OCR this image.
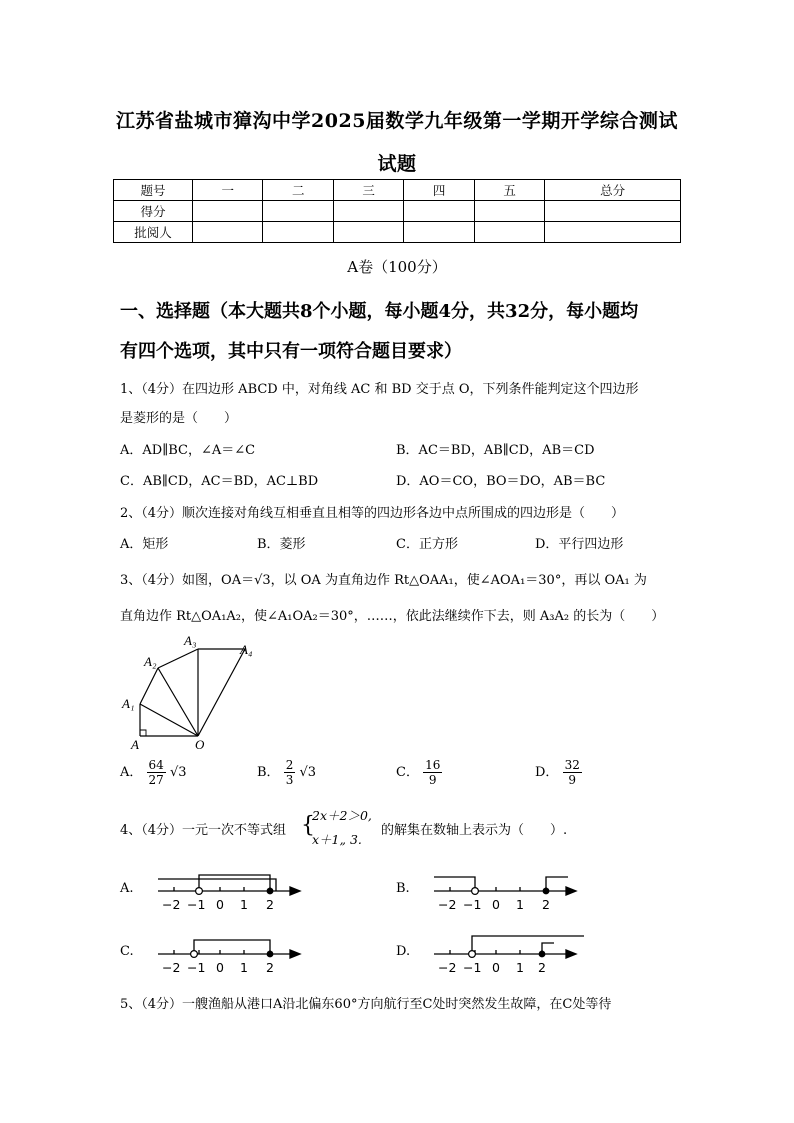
江苏省盐城市獐沟中学2025届数学九年级第一学期开学综合测试
试题
题号	一	二	三	四	五	总分
得分						
批阅人						
A卷（100分）
一、选择题（本大题共8个小题，每小题4分，共32分，每小题均
有四个选项，其中只有一项符合题目要求）
1、（4分）在四边形 ABCD 中，对角线 AC 和 BD 交于点 O，下列条件能判定这个四边形
是菱形的是（　　）
A．AD∥BC，∠A＝∠C	B．AC＝BD，AB∥CD，AB＝CD
C．AB∥CD，AC＝BD，AC⊥BD	D．AO＝CO，BO＝DO，AB＝BC
2、（4分）顺次连接对角线互相垂直且相等的四边形各边中点所围成的四边形是（　　）
A．矩形	B．菱形	C．正方形	D．平行四边形
3、（4分）如图，OA＝√3，以 OA 为直角边作 Rt△OAA₁，使∠AOA₁＝30°，再以 OA₁ 为
直角边作 Rt△OA₁A₂，使∠A₁OA₂＝30°，……，依此法继续作下去，则 A₃A₂ 的长为（　　）
A	O
A₁
A₂
A₃
A₄
A． $\frac{64}{27} √3$	B． $\frac{2}{3} √3$	C． $\frac{16}{9}$	D． $\frac{32}{9}$
4、（4分）一元一次不等式组 {
2x＋2＞0,
x＋1„ 3.
的解集在数轴上表示为（　　）.
A.	B.
C.	D.
−2 −1 0 1 2	−2 −1 0 1 2
−2 −1 0 1 2	−2 −1 0 1 2
5、（4分）一艘渔船从港口A沿北偏东60°方向航行至C处时突然发生故障，在C处等待
